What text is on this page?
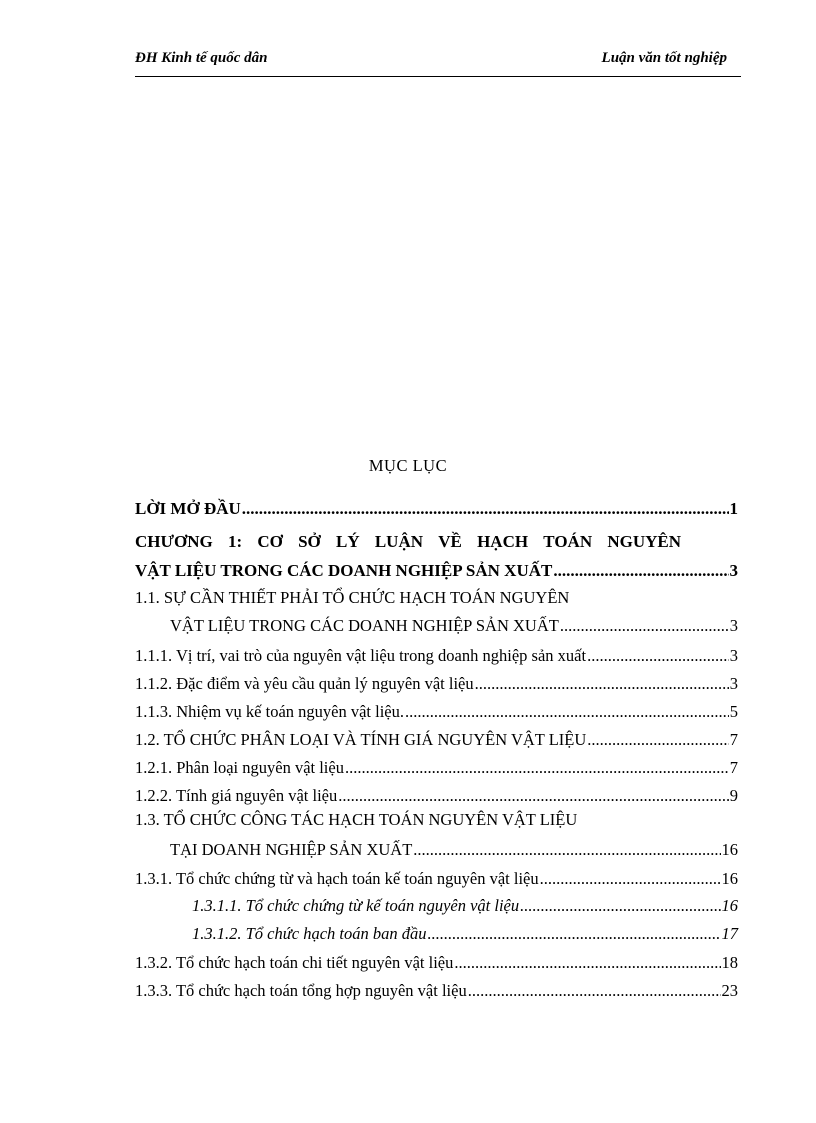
ĐH Kinh tế quốc dân	Luận văn tốt nghiệp
MỤC LỤC
LỜI MỞ ĐẦU .....	1
CHƯƠNG 1: CƠ SỞ LÝ LUẬN VỀ HẠCH TOÁN NGUYÊN
VẬT LIỆU TRONG CÁC DOANH NGHIỆP SẢN XUẤT .....	3
1.1. SỰ CẦN THIẾT PHẢI TỔ CHỨC HẠCH TOÁN NGUYÊN
VẬT LIỆU TRONG CÁC DOANH NGHIỆP SẢN XUẤT .....	3
1.1.1. Vị trí, vai trò của nguyên vật liệu trong doanh nghiệp sản xuất .....	3
1.1.2. Đặc điểm và yêu cầu quản lý nguyên vật liệu .....	3
1.1.3. Nhiệm vụ kế toán nguyên vật liệu. .....	5
1.2. TỔ CHỨC PHÂN LOẠI VÀ TÍNH GIÁ NGUYÊN VẬT LIỆU .....	7
1.2.1. Phân loại nguyên vật liệu .....	7
1.2.2. Tính giá nguyên vật liệu .....	9
1.3. TỔ CHỨC CÔNG TÁC HẠCH TOÁN NGUYÊN VẬT LIỆU
TẠI DOANH NGHIỆP SẢN XUẤT .....	16
1.3.1. Tổ chức chứng từ và hạch toán kế toán nguyên vật liệu .....	16
1.3.1.1. Tổ chức chứng từ kế toán nguyên vật liệu .....	16
1.3.1.2. Tổ chức hạch toán ban đầu .....	17
1.3.2. Tổ chức hạch toán chi tiết nguyên vật liệu .....	18
1.3.3. Tổ chức hạch toán tổng hợp nguyên vật liệu .....	23
